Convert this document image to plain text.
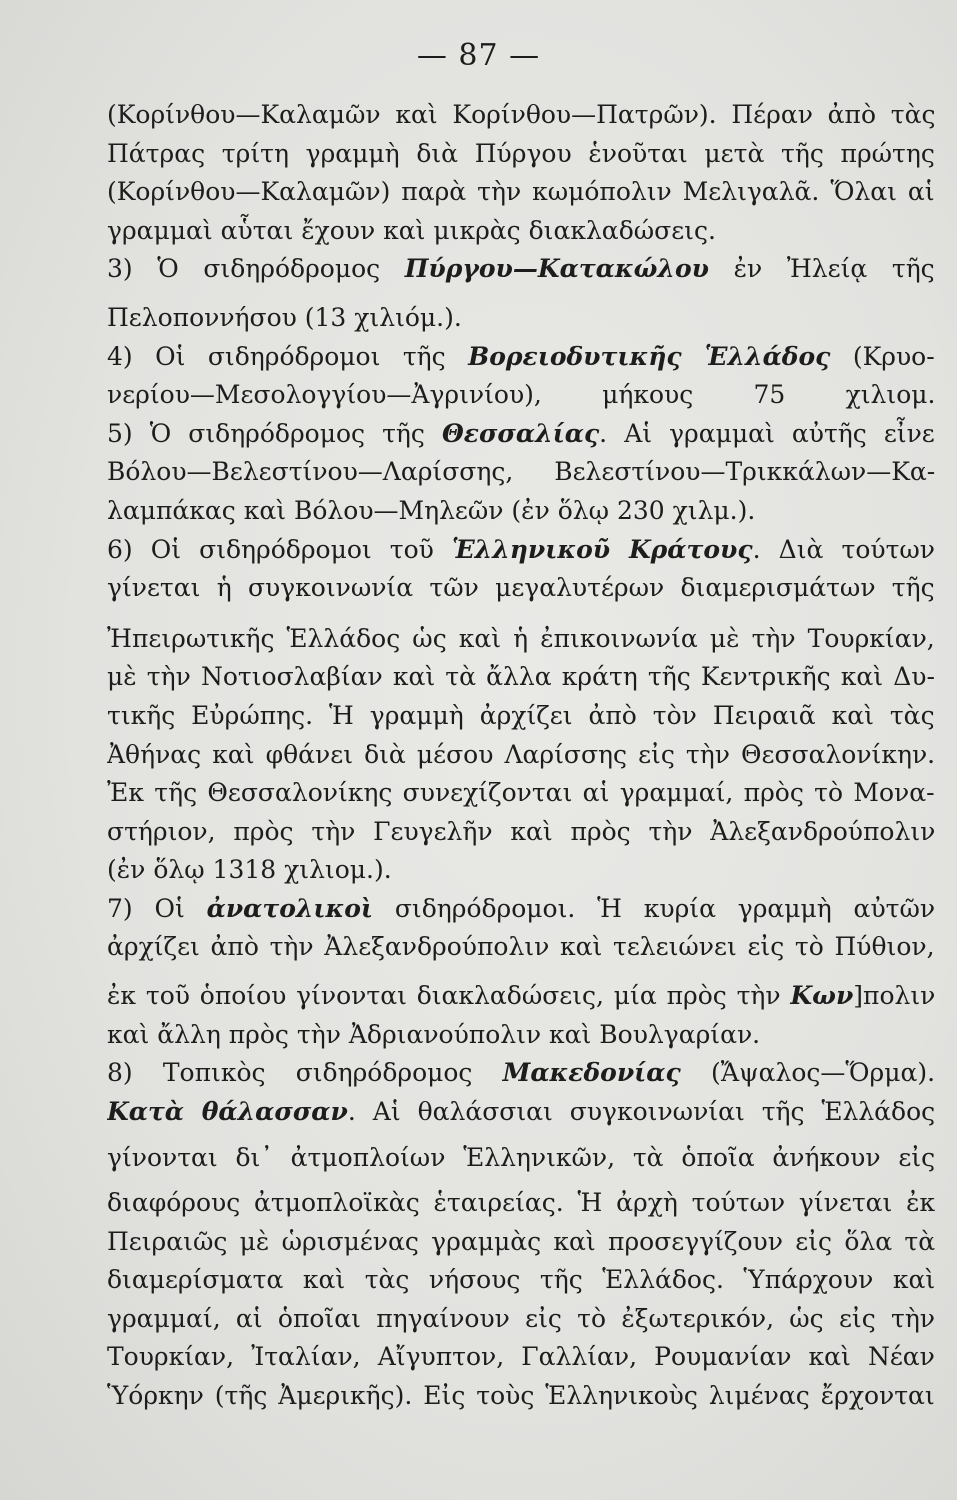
— 87 —
(Κορίνθου—Καλαμῶν καὶ Κορίνθου—Πατρῶν). Πέραν ἀπὸ τὰς
Πάτρας τρίτη γραμμὴ διὰ Πύργου ἑνοῦται μετὰ τῆς πρώτης
(Κορίνθου—Καλαμῶν) παρὰ τὴν κωμόπολιν Μελιγαλᾶ. Ὅλαι αἱ
γραμμαὶ αὗται ἔχουν καὶ μικρὰς διακλαδώσεις.
3) Ὁ σιδηρόδρομος Πύργου—Κατακώλου ἐν Ἠλείᾳ τῆς
Πελοποννήσου (13 χιλιόμ.).
4) Οἱ σιδηρόδρομοι τῆς Βορειοδυτικῆς Ἑλλάδος (Κρυο-
νερίου—Μεσολογγίου—Ἀγρινίου), μήκους 75 χιλιομ.
5) Ὁ σιδηρόδρομος τῆς Θεσσαλίας. Αἱ γραμμαὶ αὐτῆς εἶνε
Βόλου—Βελεστίνου—Λαρίσσης, Βελεστίνου—Τρικκάλων—Κα-
λαμπάκας καὶ Βόλου—Μηλεῶν (ἐν ὅλῳ 230 χιλμ.).
6) Οἱ σιδηρόδρομοι τοῦ Ἑλληνικοῦ Κράτους. Διὰ τούτων
γίνεται ἡ συγκοινωνία τῶν μεγαλυτέρων διαμερισμάτων τῆς
Ἠπειρωτικῆς Ἑλλάδος ὡς καὶ ἡ ἐπικοινωνία μὲ τὴν Τουρκίαν,
μὲ τὴν Νοτιοσλαβίαν καὶ τὰ ἄλλα κράτη τῆς Κεντρικῆς καὶ Δυ-
τικῆς Εὐρώπης. Ἡ γραμμὴ ἀρχίζει ἀπὸ τὸν Πειραιᾶ καὶ τὰς
Ἀθήνας καὶ φθάνει διὰ μέσου Λαρίσσης εἰς τὴν Θεσσαλονίκην.
Ἐκ τῆς Θεσσαλονίκης συνεχίζονται αἱ γραμμαί, πρὸς τὸ Μονα-
στήριον, πρὸς τὴν Γευγελῆν καὶ πρὸς τὴν Ἀλεξανδρούπολιν
(ἐν ὅλῳ 1318 χιλιομ.).
7) Οἱ ἀνατολικοὶ σιδηρόδρομοι. Ἡ κυρία γραμμὴ αὐτῶν
ἀρχίζει ἀπὸ τὴν Ἀλεξανδρούπολιν καὶ τελειώνει εἰς τὸ Πύθιον,
ἐκ τοῦ ὁποίου γίνονται διακλαδώσεις, μία πρὸς τὴν Κων]πολιν
καὶ ἄλλη πρὸς τὴν Ἀδριανούπολιν καὶ Βουλγαρίαν.
8) Τοπικὸς σιδηρόδρομος Μακεδονίας (Ἄψαλος—Ὅρμα).
Κατὰ θάλασσαν. Αἱ θαλάσσιαι συγκοινωνίαι τῆς Ἑλλάδος
γίνονται δι᾽ ἀτμοπλοίων Ἑλληνικῶν, τὰ ὁποῖα ἀνήκουν εἰς
διαφόρους ἀτμοπλοϊκὰς ἑταιρείας. Ἡ ἀρχὴ τούτων γίνεται ἐκ
Πειραιῶς μὲ ὡρισμένας γραμμὰς καὶ προσεγγίζουν εἰς ὅλα τὰ
διαμερίσματα καὶ τὰς νήσους τῆς Ἑλλάδος. Ὑπάρχουν καὶ
γραμμαί, αἱ ὁποῖαι πηγαίνουν εἰς τὸ ἐξωτερικόν, ὡς εἰς τὴν
Τουρκίαν, Ἰταλίαν, Αἴγυπτον, Γαλλίαν, Ρουμανίαν καὶ Νέαν
Ὑόρκην (τῆς Ἀμερικῆς). Εἰς τοὺς Ἑλληνικοὺς λιμένας ἔρχονται
